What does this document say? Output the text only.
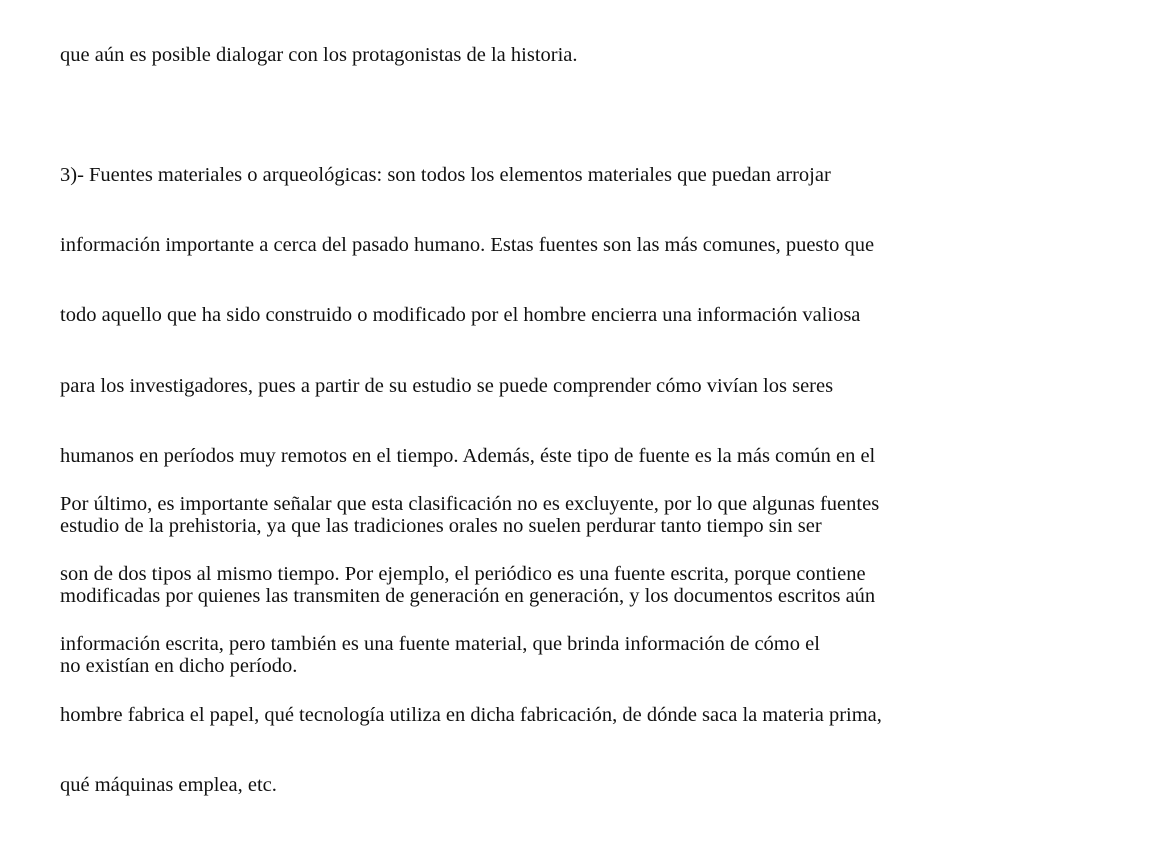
que aún es posible dialogar con los protagonistas de la historia.

3)- Fuentes materiales o arqueológicas: son todos los elementos materiales que puedan arrojar

información importante a cerca del pasado humano. Estas fuentes son las más comunes, puesto que

todo aquello que ha sido construido o modificado por el hombre encierra una información valiosa

para los investigadores, pues a partir de su estudio se puede comprender cómo vivían los seres

humanos en períodos muy remotos en el tiempo. Además, éste tipo de fuente es la más común en el

estudio de la prehistoria, ya que las tradiciones orales no suelen perdurar tanto tiempo sin ser

modificadas por quienes las transmiten de generación en generación, y los documentos escritos aún

no existían en dicho período.

Por último, es importante señalar que esta clasificación no es excluyente, por lo que algunas fuentes

son de dos tipos al mismo tiempo. Por ejemplo, el periódico es una fuente escrita, porque contiene

información escrita, pero también es una fuente material, que brinda información de cómo el

hombre fabrica el papel, qué tecnología utiliza en dicha fabricación, de dónde saca la materia prima,

qué máquinas emplea, etc.
